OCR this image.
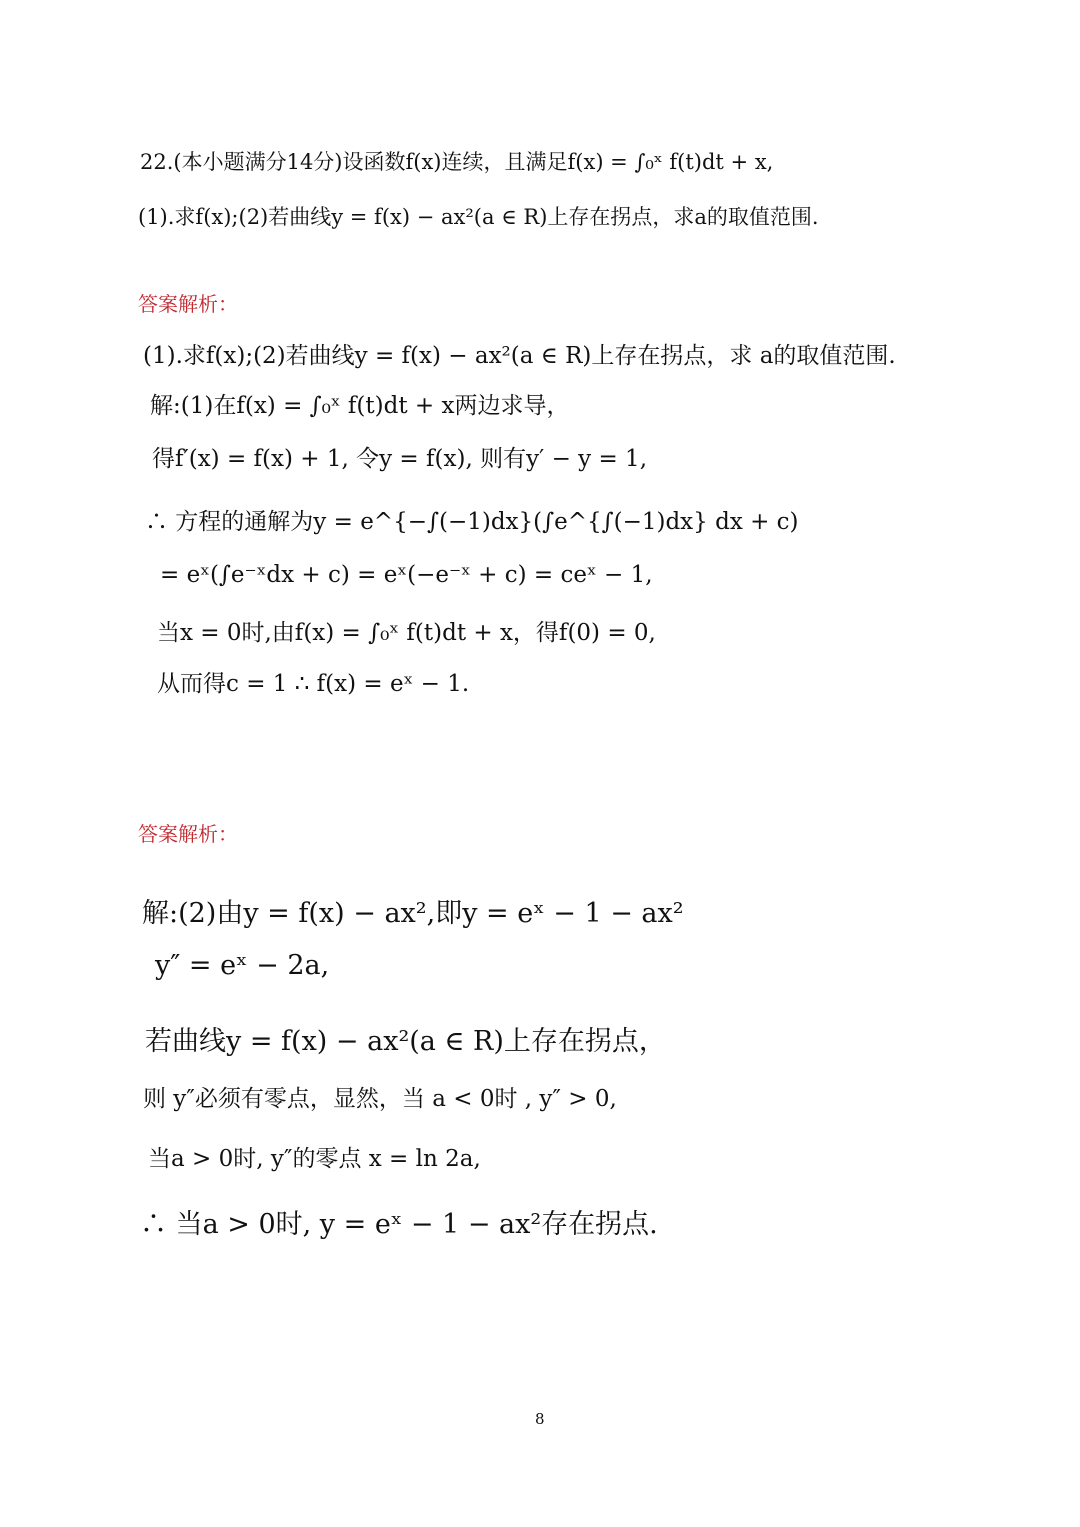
22.(本小题满分14分)设函数f(x)连续，且满足f(x) = ∫₀ˣ f(t)dt + x,
(1).求f(x);(2)若曲线y = f(x) − ax²(a ∈ R)上存在拐点，求a的取值范围.
答案解析：
(1).求f(x);(2)若曲线y = f(x) − ax²(a ∈ R)上存在拐点，求 a的取值范围.
解:(1)在f(x) = ∫₀ˣ f(t)dt + x两边求导，
得f′(x) = f(x) + 1, 令y = f(x), 则有y′ − y = 1,
∴ 方程的通解为y = e^{−∫(−1)dx}(∫e^{∫(−1)dx} dx + c)
= eˣ(∫e⁻ˣdx + c) = eˣ(−e⁻ˣ + c) = ceˣ − 1,
当x = 0时,由f(x) = ∫₀ˣ f(t)dt + x，得f(0) = 0,
从而得c = 1 ∴ f(x) = eˣ − 1.
答案解析：
解:(2)由y = f(x) − ax²,即y = eˣ − 1 − ax²
y″ = eˣ − 2a,
若曲线y = f(x) − ax²(a ∈ R)上存在拐点，
则 y″必须有零点，显然，当 a < 0时 , y″ > 0,
当a > 0时, y″的零点 x = ln 2a,
∴ 当a > 0时, y = eˣ − 1 − ax²存在拐点.
8
